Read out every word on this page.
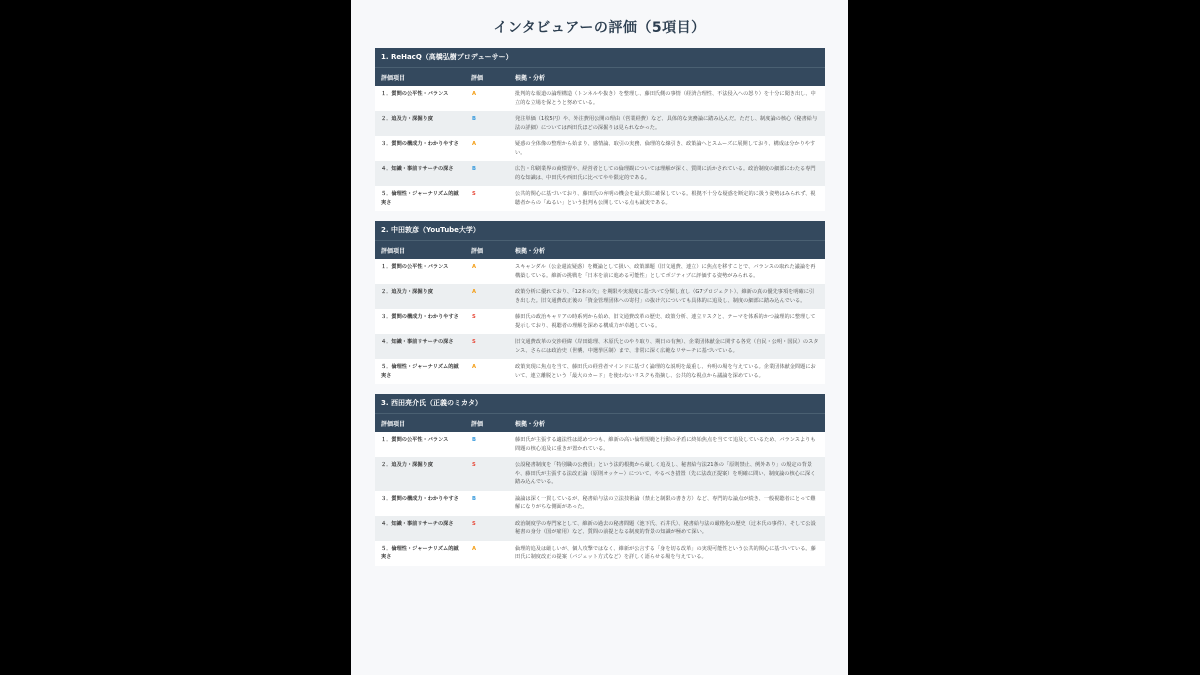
インタビュアーの評価（5項目）
1. ReHacQ（高橋弘樹プロデューサー）
評価項目	評価	根拠・分析
１．質問の公平性・バランス	A	批判的な報道の論理構造（トンネルや抜き）を整理し、藤田氏側の事情（経済合理性、不法侵入への怒り）を十分に聞き出し、中立的な立場を保とうと努めている。
２．追及力・深掘り度	B	発注単価（1枚5円）や、外注費用公開の理由（営業経費）など、具体的な実務論に踏み込んだ。ただし、制度論の核心（秘書給与法の詳細）については西田氏ほどの深掘りは見られなかった。
３．質問の構成力・わかりやすさ	A	疑惑の全体像の整理から始まり、感情論、取引の実務、倫理的な線引き、政策論へとスムーズに展開しており、構成は分かりやすい。
４．知識・事前リサーチの深さ	B	広告・印刷業界の商慣習や、経営者としての倫理観については理解が深く、質問に活かされている。政治制度の細部にわたる専門的な知識は、中田氏や西田氏に比べてやや限定的である。
５．倫理性・ジャーナリズム的誠実さ	S	公共的関心に基づいており、藤田氏の弁明の機会を最大限に確保している。根拠不十分な疑惑を断定的に扱う姿勢はみられず、視聴者からの「ぬるい」という批判も公開している点も誠実である。
2. 中田敦彦（YouTube大学）
評価項目	評価	根拠・分析
１．質問の公平性・バランス	A	スキャンダル（公金還流疑惑）を概論として扱い、政策課題（旧文通費、連立）に焦点を移すことで、バランスの取れた議論を再構築している。維新の挑戦を「日本を前に進める可能性」としてポジティブに評価する姿勢がみられる。
２．追及力・深掘り度	A	政策分析に優れており、「12本の矢」を期限や実現度に基づいて分類し直し（G7プロジェクト）、維新の真の優先事項を明確に引き出した。旧文通費改正後の「資金管理団体への寄付」の抜け穴についても具体的に追及し、制度の細部に踏み込んでいる。
３．質問の構成力・わかりやすさ	S	藤田氏の政治キャリアの時系列から始め、旧文通費改革の歴史、政策分析、連立リスクと、テーマを体系的かつ論理的に整理して提示しており、視聴者の理解を深める構成力が卓越している。
４．知識・事前リサーチの深さ	S	旧文通費改革の交渉経緯（岸田総理、木原氏とのやり取り、期日の有無）、企業団体献金に関する各党（自民・公明・国民）のスタンス、さらには政治史（世襲、中選挙区制）まで、非常に深く広範なリサーチに基づいている。
５．倫理性・ジャーナリズム的誠実さ	A	政策実現に焦点を当て、藤田氏の経営者マインドに基づく論理的な説明を最重し、弁明の場を与えている。企業団体献金問題において、連立離脱という「最大のカード」を使わないリスクも指摘し、公共的な視点から議論を深めている。
3. 西田亮介氏（正義のミカタ）
評価項目	評価	根拠・分析
１．質問の公平性・バランス	B	藤田氏が主張する適法性は認めつつも、維新の高い倫理規範と行動の矛盾に終始焦点を当てて追及しているため、バランスよりも問題の核心追及に重きが置かれている。
２．追及力・深掘り度	S	公設秘書制度を「特別職の公務員」という法的根拠から厳しく追及し、秘書給与法21条の「原則禁止、例外あり」の規定の背景や、藤田氏が主張する法改正論（原則オッケー）について、やるべき措置（先に法改正提案）を明確に問い、制度論の核心に深く踏み込んでいる。
３．質問の構成力・わかりやすさ	B	論論は深く一貫しているが、秘書給与法の立法技術論（禁止と制限の書き方）など、専門的な論点が続き、一般視聴者にとって難解になりがちな側面があった。
４．知識・事前リサーチの深さ	S	政治制度学の専門家として、維新の過去の秘書問題（池下氏、石井氏）、秘書給与法の厳格化の歴史（辻本氏の事件）、そして公設秘書の身分（国が雇用）など、質問の前提となる制度的背景の知識が極めて深い。
５．倫理性・ジャーナリズム的誠実さ	A	倫理的追及は厳しいが、個人攻撃ではなく、維新が公言する「身を切る改革」の実現可能性という公共的関心に基づいている。藤田氏に制度改正の提案（バジェット方式など）を詳しく語らせる場を与えている。
